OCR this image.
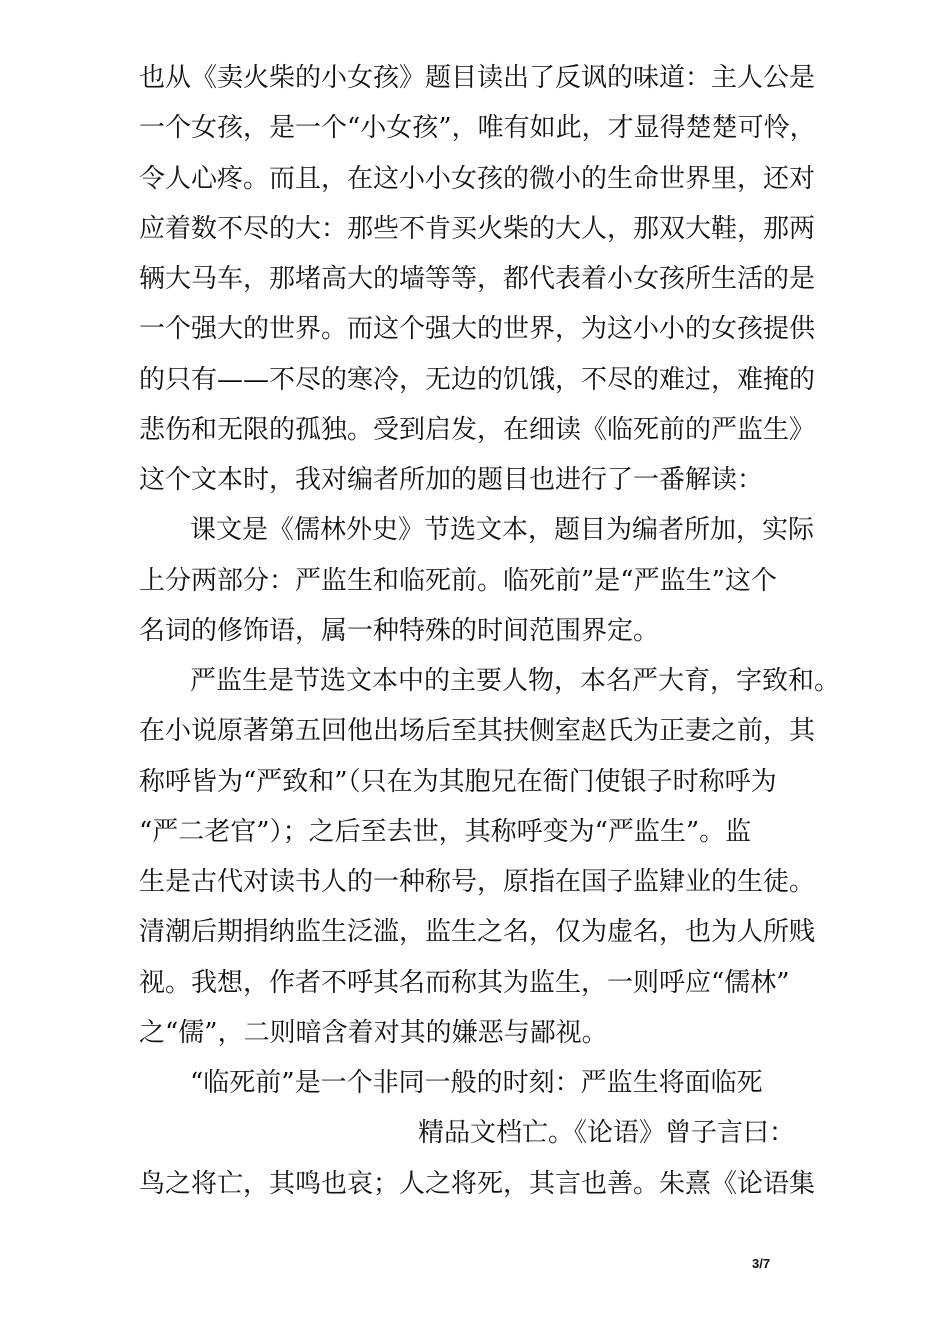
也从《卖火柴的小女孩》题目读出了反讽的味道：主人公是
一个女孩，是一个“小女孩”，唯有如此，才显得楚楚可怜，
令人心疼。而且，在这小小女孩的微小的生命世界里，还对
应着数不尽的大：那些不肯买火柴的大人，那双大鞋，那两
辆大马车，那堵高大的墙等等，都代表着小女孩所生活的是
一个强大的世界。而这个强大的世界，为这小小的女孩提供
的只有——不尽的寒冷，无边的饥饿，不尽的难过，难掩的
悲伤和无限的孤独。受到启发，在细读《临死前的严监生》
这个文本时，我对编者所加的题目也进行了一番解读：
课文是《儒林外史》节选文本，题目为编者所加，实际
上分两部分：严监生和临死前。临死前”是“严监生”这个
名词的修饰语，属一种特殊的时间范围界定。
严监生是节选文本中的主要人物，本名严大育，字致和。
在小说原著第五回他出场后至其扶侧室赵氏为正妻之前，其
称呼皆为“严致和”（只在为其胞兄在衙门使银子时称呼为
“严二老官”）；之后至去世，其称呼变为“严监生”。监
生是古代对读书人的一种称号，原指在国子监肄业的生徒。
清潮后期捐纳监生泛滥，监生之名，仅为虚名，也为人所贱
视。我想，作者不呼其名而称其为监生，一则呼应“儒林”
之“儒”，二则暗含着对其的嫌恶与鄙视。
“临死前”是一个非同一般的时刻：严监生将面临死
精品文档亡。《论语》曾子言曰：
鸟之将亡，其鸣也哀；人之将死，其言也善。朱熹《论语集
3/7
